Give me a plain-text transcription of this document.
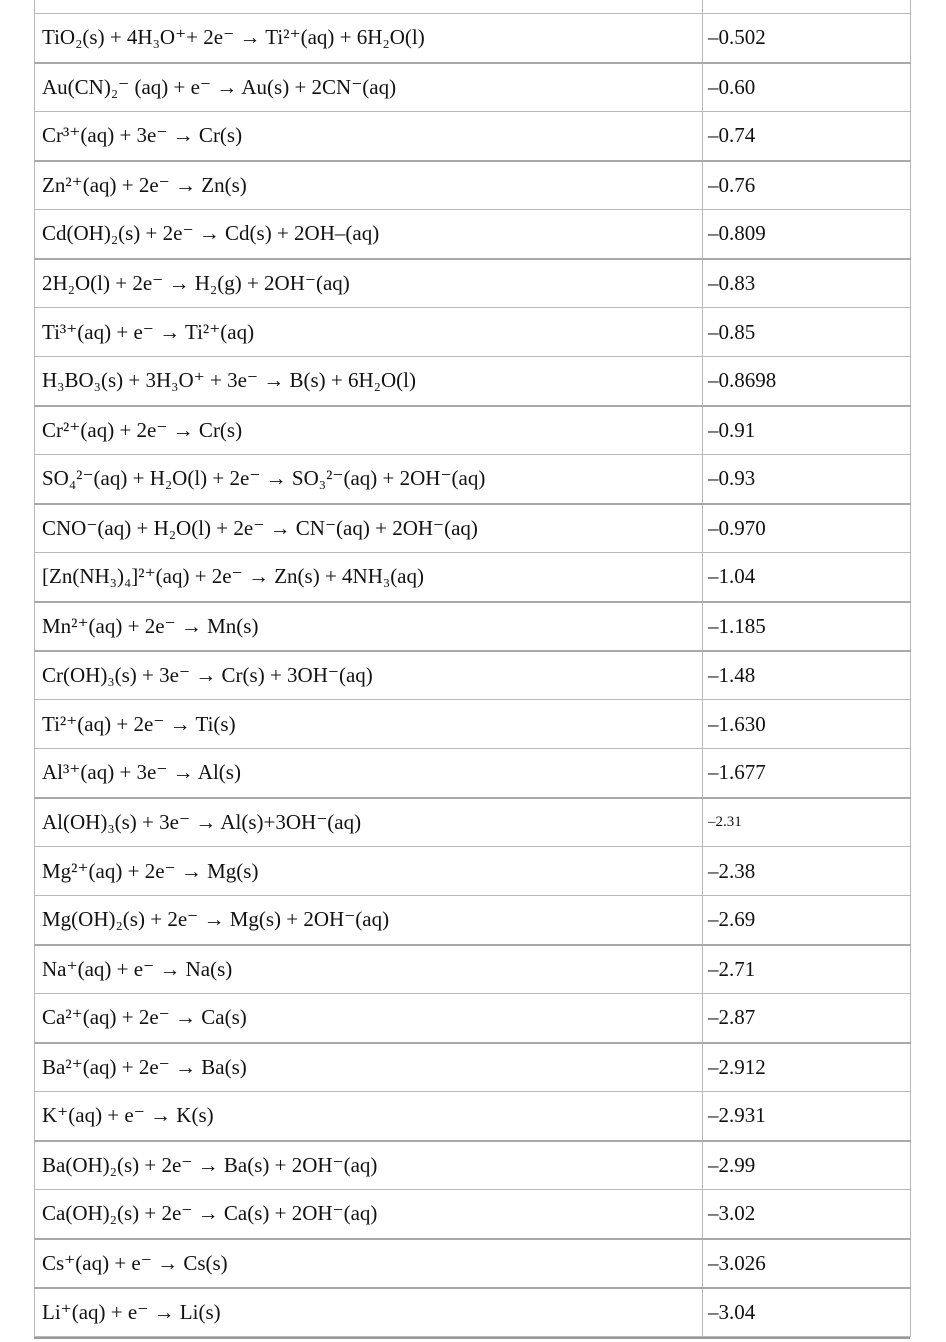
TiO₂(s) + 4H₃O⁺+ 2e⁻ → Ti²⁺(aq) + 6H₂O(l)	–0.502
Au(CN)₂⁻ (aq) + e⁻ → Au(s) + 2CN⁻(aq)	–0.60
Cr³⁺(aq) + 3e⁻ → Cr(s)	–0.74
Zn²⁺(aq) + 2e⁻ → Zn(s)	–0.76
Cd(OH)₂(s) + 2e⁻ → Cd(s) + 2OH–(aq)	–0.809
2H₂O(l) + 2e⁻ → H₂(g) + 2OH⁻(aq)	–0.83
Ti³⁺(aq) + e⁻ → Ti²⁺(aq)	–0.85
H₃BO₃(s) + 3H₃O⁺ + 3e⁻ → B(s) + 6H₂O(l)	–0.8698
Cr²⁺(aq) + 2e⁻ → Cr(s)	–0.91
SO₄²⁻(aq) + H₂O(l) + 2e⁻ → SO₃²⁻(aq) + 2OH⁻(aq)	–0.93
CNO⁻(aq) + H₂O(l) + 2e⁻ → CN⁻(aq) + 2OH⁻(aq)	–0.970
[Zn(NH₃)₄]²⁺(aq) + 2e⁻ → Zn(s) + 4NH₃(aq)	–1.04
Mn²⁺(aq) + 2e⁻ → Mn(s)	–1.185
Cr(OH)₃(s) + 3e⁻ → Cr(s) + 3OH⁻(aq)	–1.48
Ti²⁺(aq) + 2e⁻ → Ti(s)	–1.630
Al³⁺(aq) + 3e⁻ → Al(s)	–1.677
Al(OH)₃(s) + 3e⁻ → Al(s)+3OH⁻(aq)	–2.31
Mg²⁺(aq) + 2e⁻ → Mg(s)	–2.38
Mg(OH)₂(s) + 2e⁻ → Mg(s) + 2OH⁻(aq)	–2.69
Na⁺(aq) + e⁻ → Na(s)	–2.71
Ca²⁺(aq) + 2e⁻ → Ca(s)	–2.87
Ba²⁺(aq) + 2e⁻ → Ba(s)	–2.912
K⁺(aq) + e⁻ → K(s)	–2.931
Ba(OH)₂(s) + 2e⁻ → Ba(s) + 2OH⁻(aq)	–2.99
Ca(OH)₂(s) + 2e⁻ → Ca(s) + 2OH⁻(aq)	–3.02
Cs⁺(aq) + e⁻ → Cs(s)	–3.026
Li⁺(aq) + e⁻ → Li(s)	–3.04
